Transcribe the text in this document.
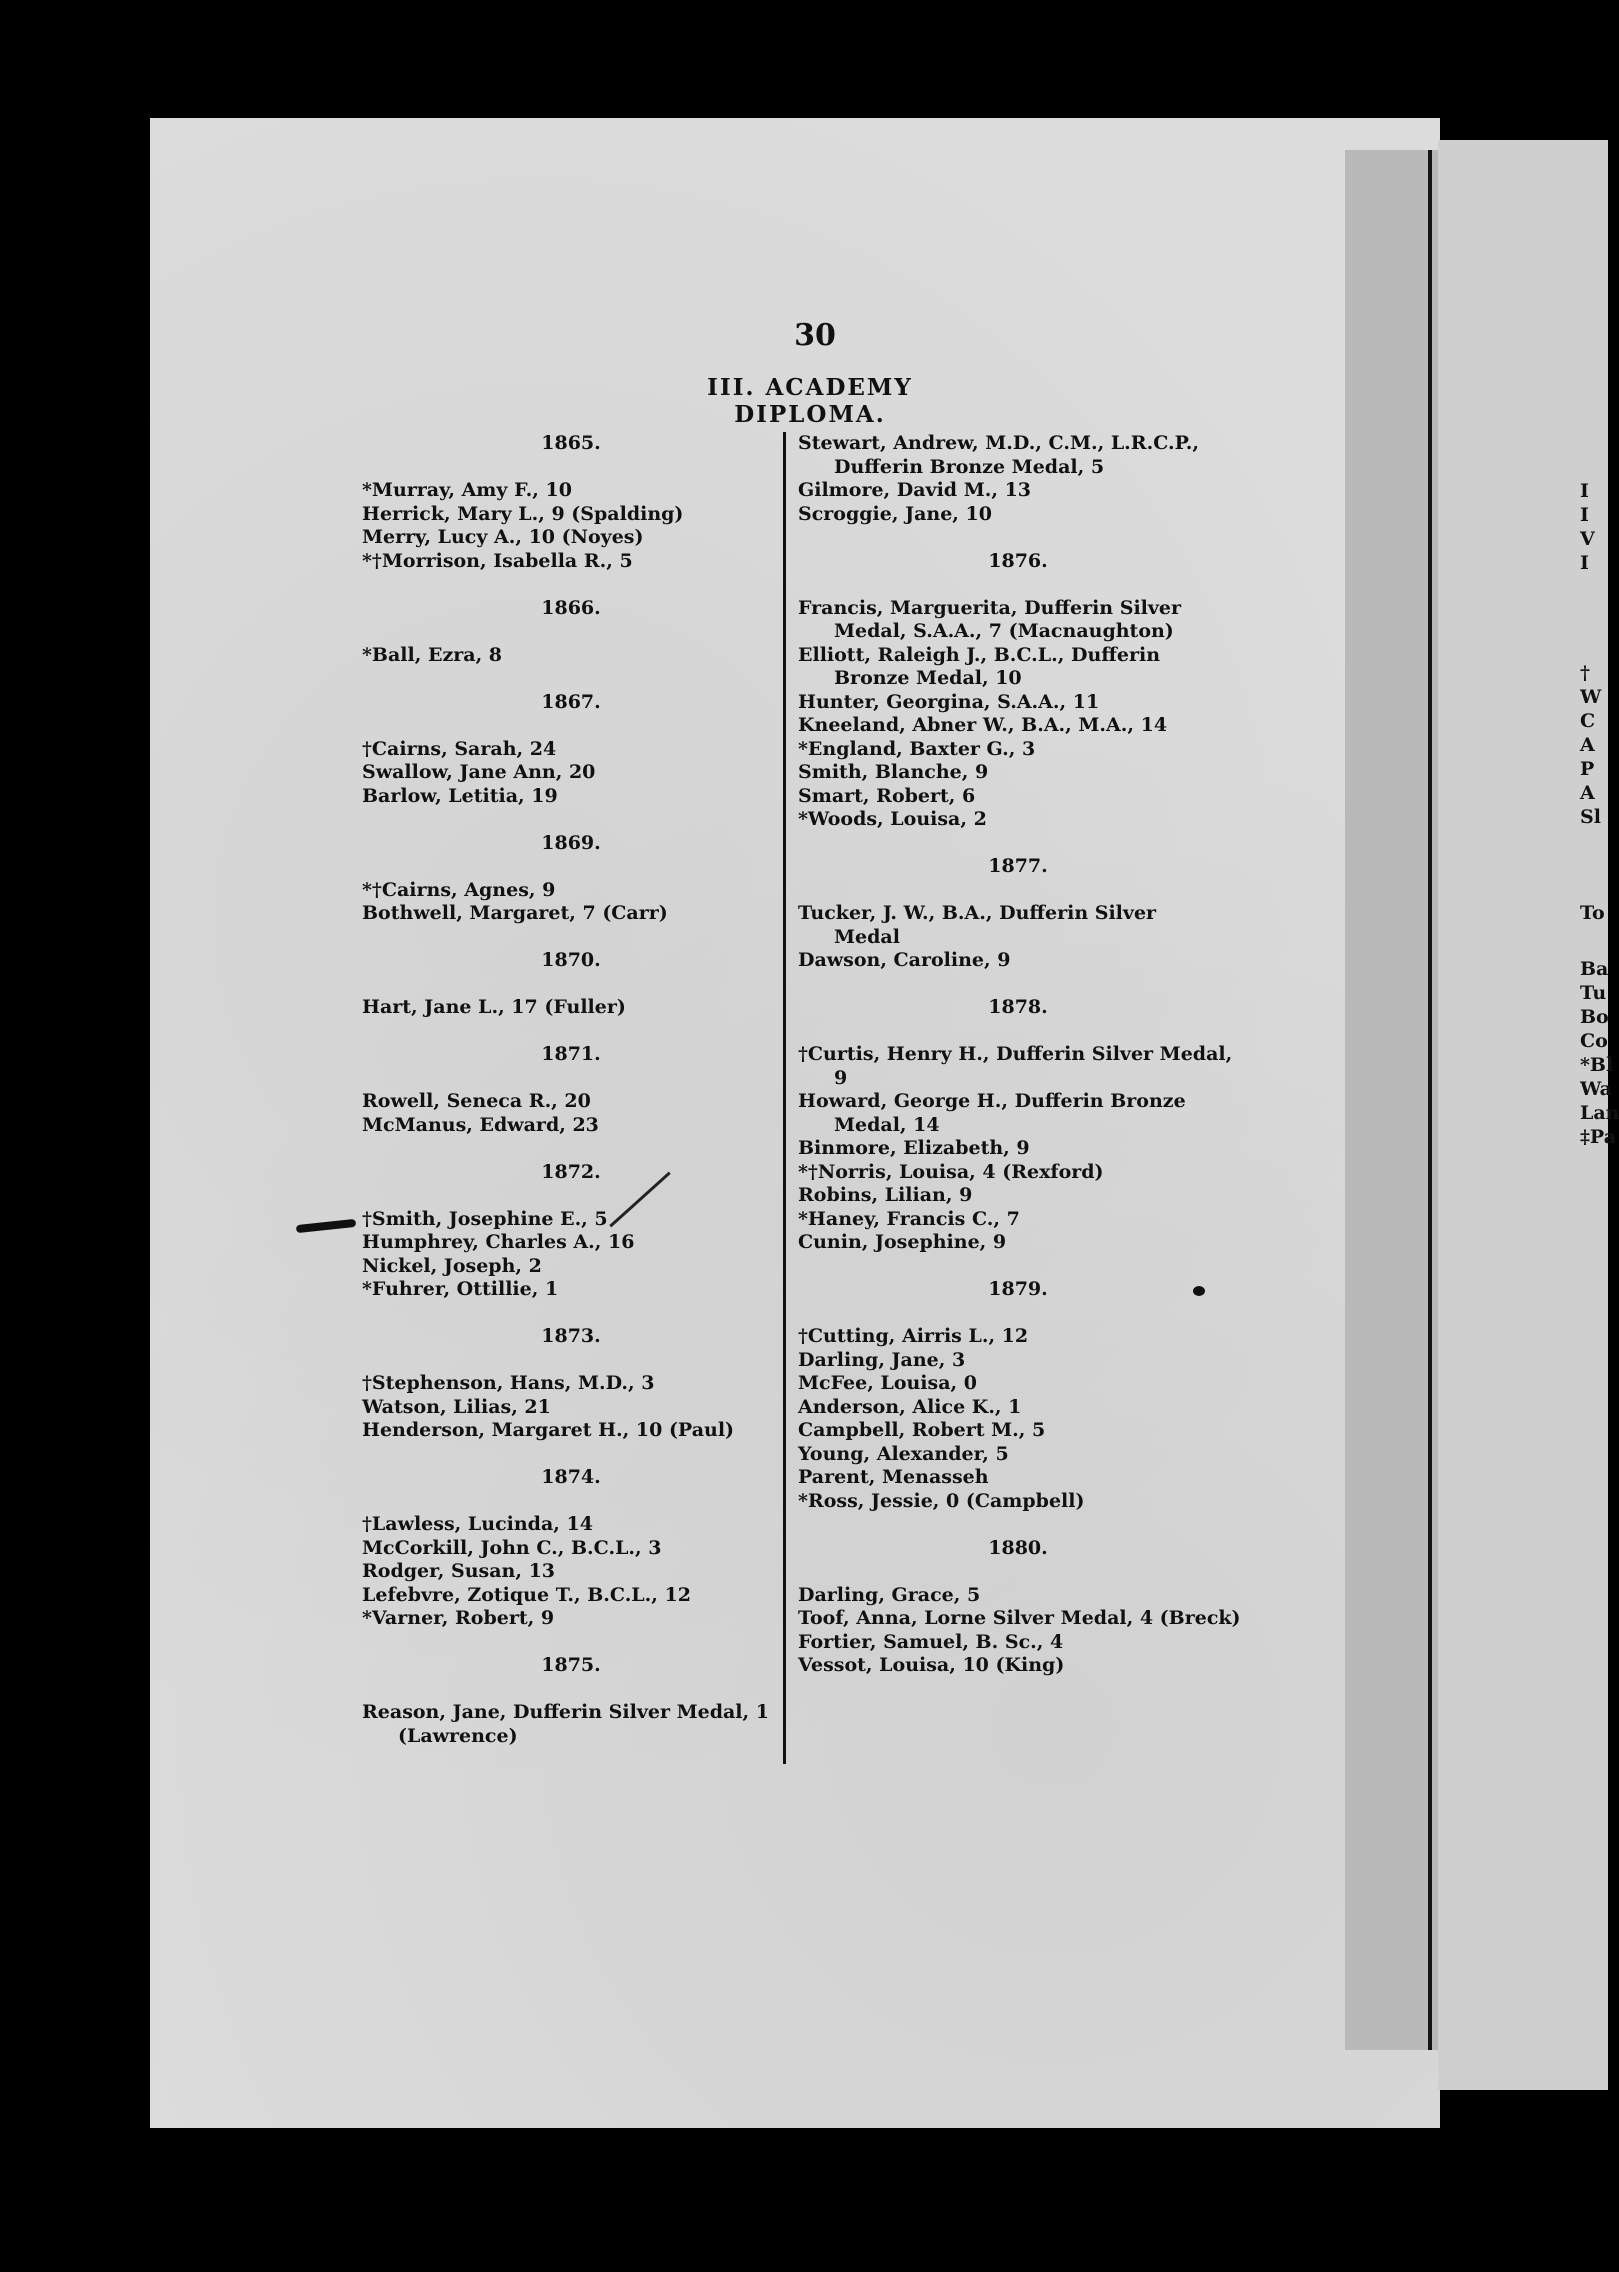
30
III. ACADEMY DIPLOMA.
1865.
*Murray, Amy F., 10
Herrick, Mary L., 9 (Spalding)
Merry, Lucy A., 10 (Noyes)
*†Morrison, Isabella R., 5
1866.
*Ball, Ezra, 8
1867.
†Cairns, Sarah, 24
Swallow, Jane Ann, 20
Barlow, Letitia, 19
1869.
*†Cairns, Agnes, 9
Bothwell, Margaret, 7 (Carr)
1870.
Hart, Jane L., 17 (Fuller)
1871.
Rowell, Seneca R., 20
McManus, Edward, 23
1872.
†Smith, Josephine E., 5
Humphrey, Charles A., 16
Nickel, Joseph, 2
*Fuhrer, Ottillie, 1
1873.
†Stephenson, Hans, M.D., 3
Watson, Lilias, 21
Henderson, Margaret H., 10 (Paul)
1874.
†Lawless, Lucinda, 14
McCorkill, John C., B.C.L., 3
Rodger, Susan, 13
Lefebvre, Zotique T., B.C.L., 12
*Varner, Robert, 9
1875.
Reason, Jane, Dufferin Silver Medal, 1
(Lawrence)
Stewart, Andrew, M.D., C.M., L.R.C.P.,
Dufferin Bronze Medal, 5
Gilmore, David M., 13
Scroggie, Jane, 10
1876.
Francis, Marguerita, Dufferin Silver
Medal, S.A.A., 7 (Macnaughton)
Elliott, Raleigh J., B.C.L., Dufferin
Bronze Medal, 10
Hunter, Georgina, S.A.A., 11
Kneeland, Abner W., B.A., M.A., 14
*England, Baxter G., 3
Smith, Blanche, 9
Smart, Robert, 6
*Woods, Louisa, 2
1877.
Tucker, J. W., B.A., Dufferin Silver
Medal
Dawson, Caroline, 9
1878.
†Curtis, Henry H., Dufferin Silver Medal,
9
Howard, George H., Dufferin Bronze
Medal, 14
Binmore, Elizabeth, 9
*†Norris, Louisa, 4 (Rexford)
Robins, Lilian, 9
*Haney, Francis C., 7
Cunin, Josephine, 9
1879.
†Cutting, Airris L., 12
Darling, Jane, 3
McFee, Louisa, 0
Anderson, Alice K., 1
Campbell, Robert M., 5
Young, Alexander, 5
Parent, Menasseh
*Ross, Jessie, 0 (Campbell)
1880.
Darling, Grace, 5
Toof, Anna, Lorne Silver Medal, 4 (Breck)
Fortier, Samuel, B. Sc., 4
Vessot, Louisa, 10 (King)
I
I
V
I
†
W
C
A
P
A
Sl
To
Ba
Tu
Bo
Co
*Bl
Wa
Lan
‡Pa
